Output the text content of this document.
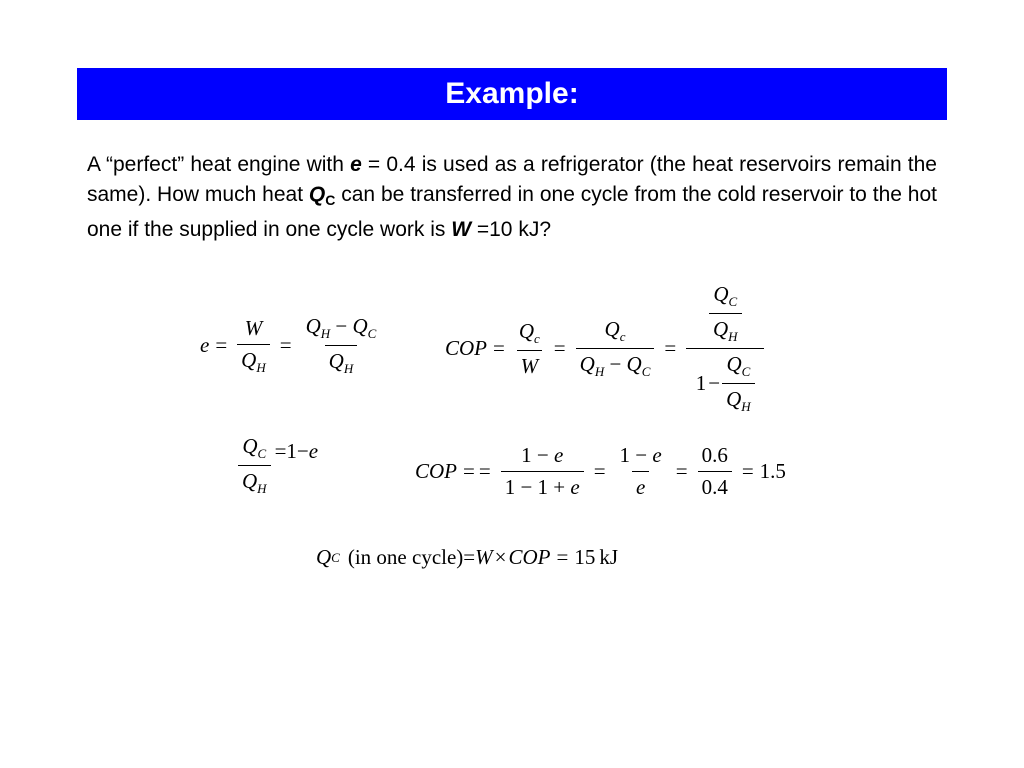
Example:
A “perfect” heat engine with e = 0.4 is used as a refrigerator (the heat reservoirs remain the same). How much heat $Q_C$ can be transferred in one cycle from the cold reservoir to the hot one if the supplied in one cycle work is W =10 kJ?
$e = \frac{W}{Q_H} = \frac{Q_H - Q_C}{Q_H}$	COP = $\frac{Q_c}{W} = \frac{Q_c}{Q_H - Q_C} = \frac{\frac{Q_C}{Q_H}}{1 - \frac{Q_C}{Q_H}}$
$\frac{Q_C}{Q_H} =1-e$
COP = = $\frac{1 - e}{1 - 1 + e} = \frac{1 - e}{e} = \frac{0.6}{0.4} = 1.5$
Q C (in one cycle) = W × COP = 15 kJ
